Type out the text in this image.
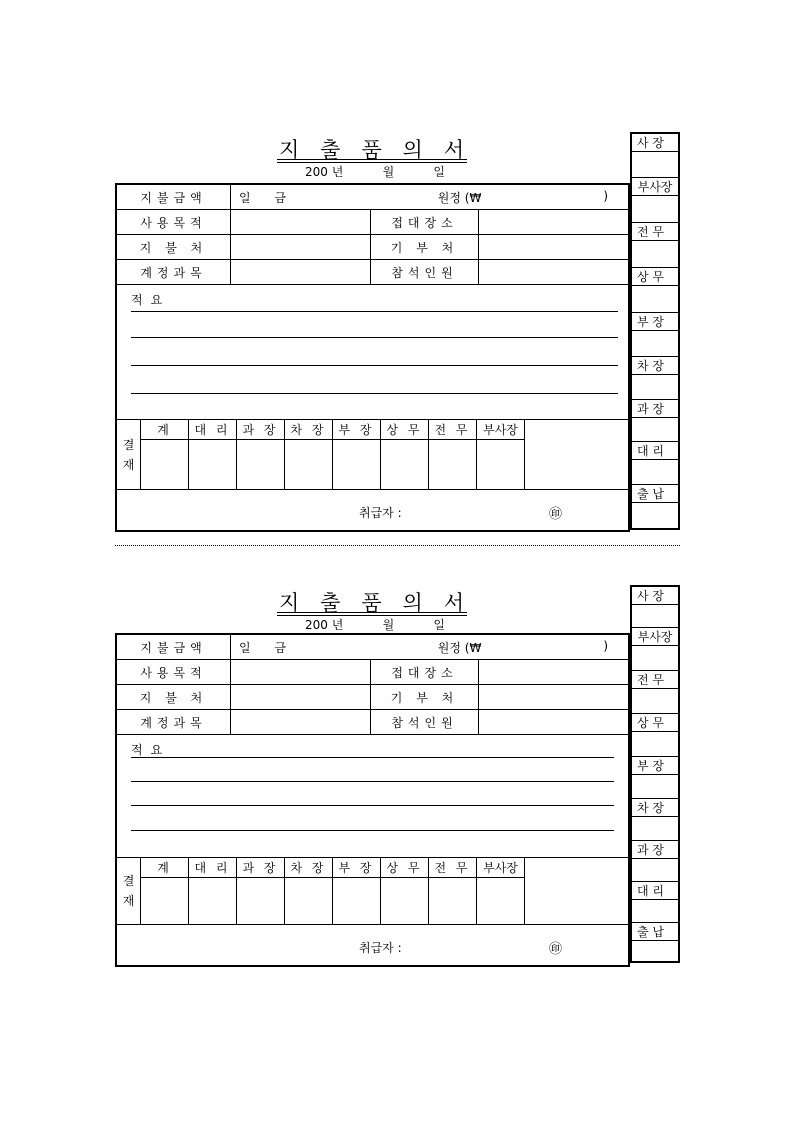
지 출 품 의 서
200 년	월	일
지불금액	일 금	원정 (₩	)
사용목적	접대장소
지 불 처	기 부 처
계정과목	참석인원
적요
결
재
계	대 리	과 장	차 장	부 장	상 무	전 무	부사장
취급자 :	㊞
사 장
부사장
전 무
상 무
부 장
차 장
과 장
대 리
출 납
지 출 품 의 서
200 년	월	일
지불금액	일 금	원정 (₩	)
사용목적	접대장소
지 불 처	기 부 처
계정과목	참석인원
적요
결
재
계	대 리	과 장	차 장	부 장	상 무	전 무	부사장
취급자 :	㊞
사 장
부사장
전 무
상 무
부 장
차 장
과 장
대 리
출 납
